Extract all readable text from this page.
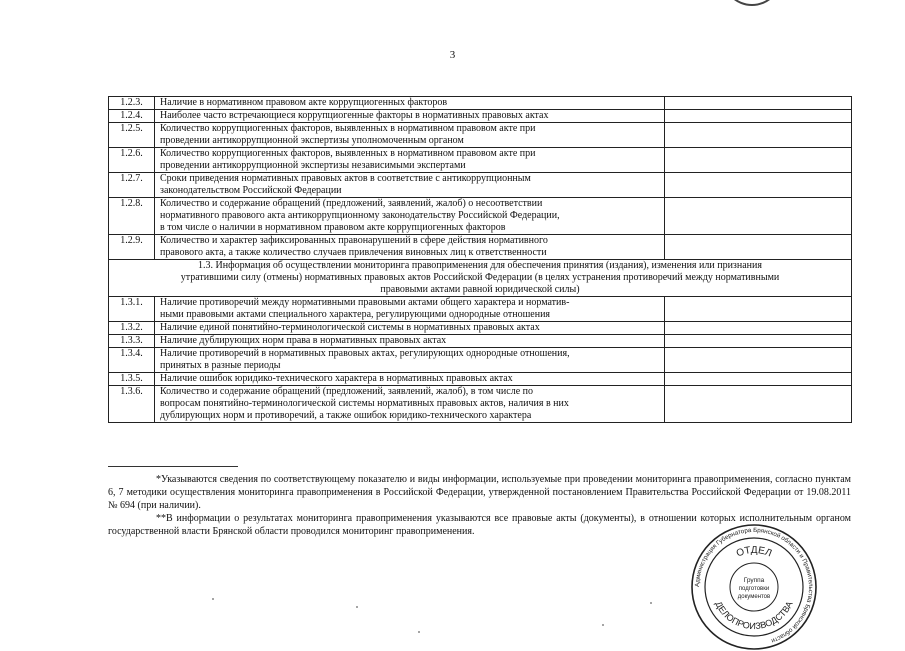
3
1.2.3.	Наличие в нормативном правовом акте коррупциогенных факторов	
1.2.4.	Наиболее часто встречающиеся коррупциогенные факторы в нормативных правовых актах	
1.2.5.	Количество коррупциогенных факторов, выявленных в нормативном правовом акте при
проведении антикоррупционной экспертизы уполномоченным органом	

1.2.6.	Количество коррупциогенных факторов, выявленных в нормативном правовом акте при
проведении антикоррупционной экспертизы независимыми экспертами	

1.2.7.	Сроки приведения нормативных правовых актов в соответствие с антикоррупционным
законодательством Российской Федерации	

1.2.8.	Количество и содержание обращений (предложений, заявлений, жалоб) о несоответствии
нормативного правового акта антикоррупционному законодательству Российской Федерации,
в том числе о наличии в нормативном правовом акте коррупциогенных факторов	

1.2.9.	Количество и характер зафиксированных правонарушений в сфере действия нормативного
правового акта, а также количество случаев привлечения виновных лиц к ответственности	

1.3. Информация об осуществлении мониторинга правоприменения для обеспечения принятия (издания), изменения или признания
утратившими силу (отмены) нормативных правовых актов Российской Федерации (в целях устранения противоречий между нормативными
правовыми актами равной юридической силы)		

1.3.1.	Наличие противоречий между нормативными правовыми актами общего характера и норматив-
ными правовыми актами специального характера, регулирующими однородные отношения	

1.3.2.	Наличие единой понятийно-терминологической системы в нормативных правовых актах	
1.3.3.	Наличие дублирующих норм права в нормативных правовых актах	
1.3.4.	Наличие противоречий в нормативных правовых актах, регулирующих однородные отношения,
принятых в разные периоды	

1.3.5.	Наличие ошибок юридико-технического характера в нормативных правовых актах	
1.3.6.	Количество и содержание обращений (предложений, заявлений, жалоб), в том числе по
вопросам понятийно-терминологической системы нормативных правовых актов, наличия в них
дублирующих норм и противоречий, а также ошибок юридико-технического характера	

*Указываются сведения по соответствующему показателю и виды информации, используемые при проведении мониторинга правоприменения, согласно пунктам 6, 7 методики осуществления мониторинга правоприменения в Российской Федерации, утвержденной постановлением Правительства Российской Федерации от 19.08.2011 № 694 (при наличии).

**В информации о результатах мониторинга правоприменения указываются все правовые акты (документы), в отношении которых исполнительным органом государственной власти Брянской области проводился мониторинг правоприменения.

Администрация Губернатора Брянской области и Правительства Брянской области
ОТДЕЛ
ДЕЛОПРОИЗВОДСТВА
Группа
подготовки
документов
